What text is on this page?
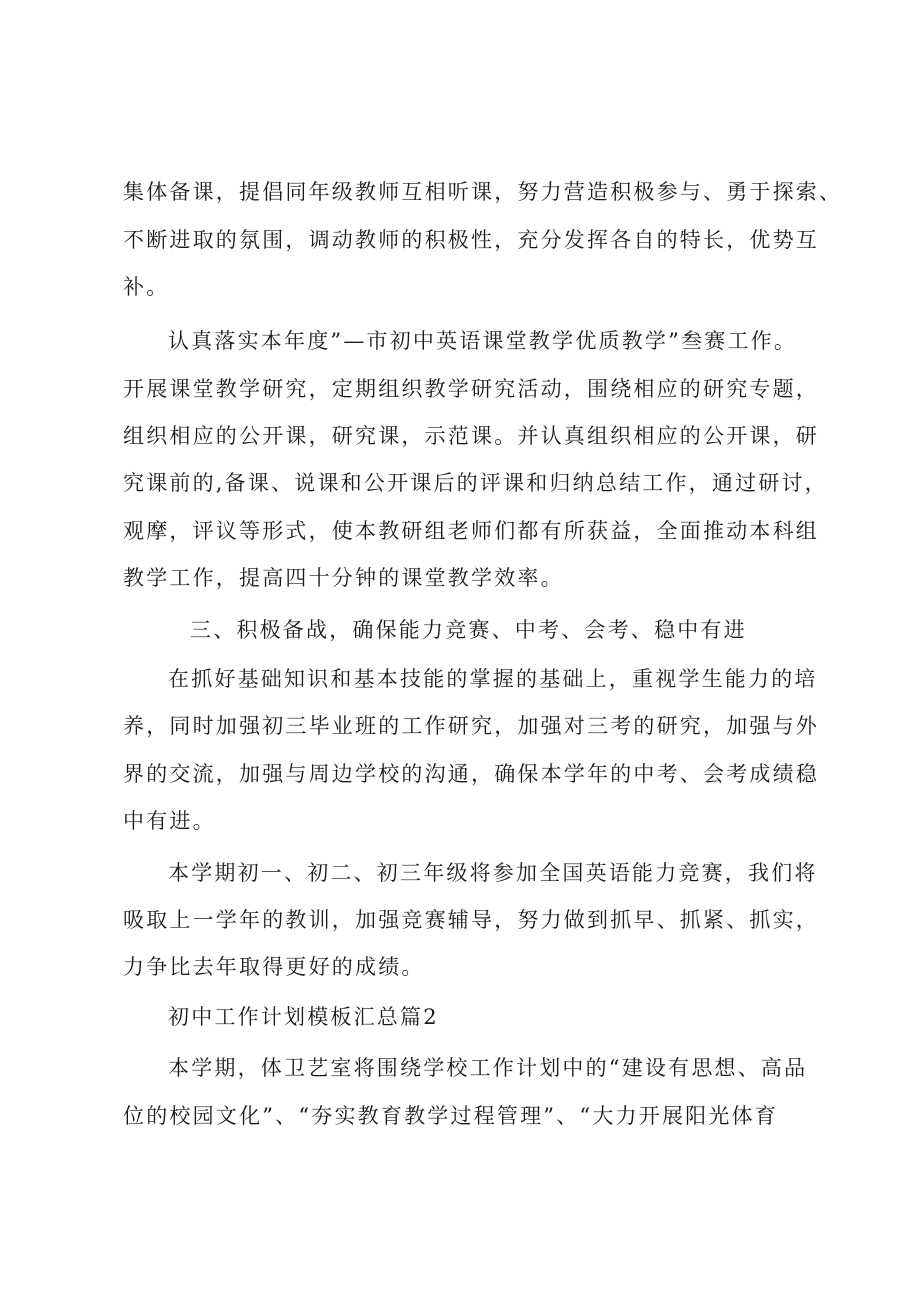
集体备课，提倡同年级教师互相听课，努力营造积极参与、勇于探索、
不断进取的氛围，调动教师的积极性，充分发挥各自的特长，优势互
补。
认真落实本年度”—市初中英语课堂教学优质教学”叁赛工作。
开展课堂教学研究，定期组织教学研究活动，围绕相应的研究专题，
组织相应的公开课，研究课，示范课。并认真组织相应的公开课，研
究课前的,备课、说课和公开课后的评课和归纳总结工作，通过研讨，
观摩，评议等形式，使本教研组老师们都有所获益，全面推动本科组
教学工作，提高四十分钟的课堂教学效率。
三、积极备战，确保能力竞赛、中考、会考、稳中有进
在抓好基础知识和基本技能的掌握的基础上，重视学生能力的培
养，同时加强初三毕业班的工作研究，加强对三考的研究，加强与外
界的交流，加强与周边学校的沟通，确保本学年的中考、会考成绩稳
中有进。
本学期初一、初二、初三年级将参加全国英语能力竞赛，我们将
吸取上一学年的教训，加强竞赛辅导，努力做到抓早、抓紧、抓实，
力争比去年取得更好的成绩。
初中工作计划模板汇总篇2
本学期，体卫艺室将围绕学校工作计划中的“建设有思想、高品
位的校园文化”、“夯实教育教学过程管理”、“大力开展阳光体育
